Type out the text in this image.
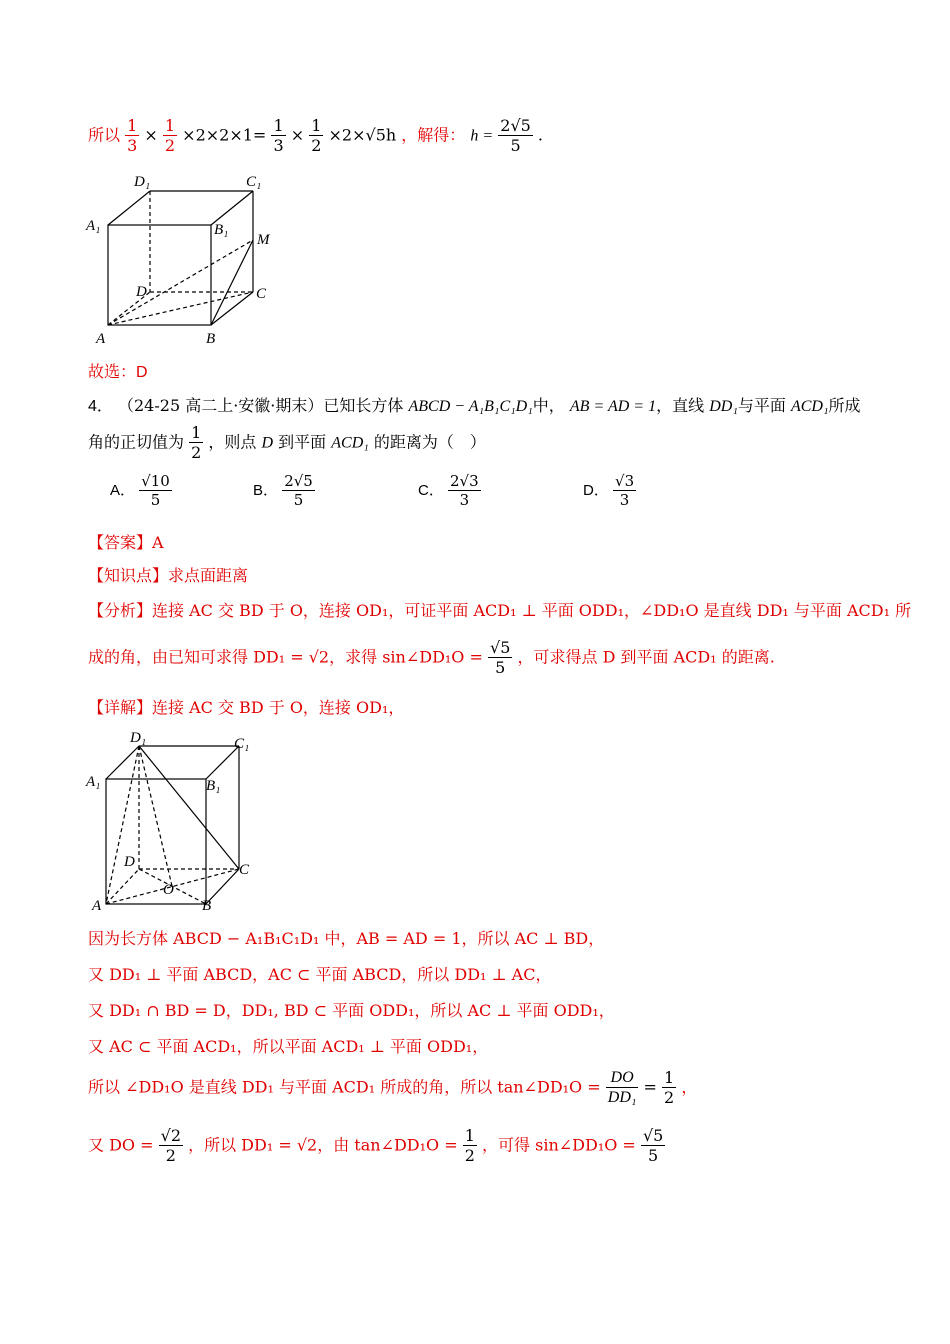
所以 $\frac{1}{3} \times \frac{1}{2} \times 2\times 2\times 1= \frac{1}{3} \times \frac{1}{2} \times 2\times√5h$ ，解得： $h = \frac{2√5}{5}$ .
D₁	C₁
A₁	B₁
M
D	C
A	B
故选：D
4． （24-25 高二上·安徽·期末）已知长方体 ABCD − A₁B₁C₁D₁中， AB = AD = 1，直线 DD₁与平面 ACD₁所成
角的正切值为 $\frac{1}{2}$ ，则点 D 到平面 ACD₁ 的距离为（　）
A． $\frac{√10}{5}$	B． $\frac{2√5}{5}$	C． $\frac{2√3}{3}$	D． $\frac{√3}{3}$
【答案】A
【知识点】求点面距离
【分析】连接 AC 交 BD 于 O，连接 OD₁，可证平面 ACD₁ ⊥ 平面 ODD₁，∠DD₁O 是直线 DD₁ 与平面 ACD₁ 所
成的角，由已知可求得 DD₁ = √2，求得 sin∠DD₁O = $\frac{√5}{5}$ ，可求得点 D 到平面 ACD₁ 的距离.
【详解】连接 AC 交 BD 于 O，连接 OD₁，
D₁	C₁
A₁	B₁
D	C
O
A	B
因为长方体 ABCD − A₁B₁C₁D₁ 中，AB = AD = 1，所以 AC ⊥ BD，
又 DD₁ ⊥ 平面 ABCD，AC ⊂ 平面 ABCD，所以 DD₁ ⊥ AC，
又 DD₁ ∩ BD = D，DD₁, BD ⊂ 平面 ODD₁，所以 AC ⊥ 平面 ODD₁，
又 AC ⊂ 平面 ACD₁，所以平面 ACD₁ ⊥ 平面 ODD₁，
所以 ∠DD₁O 是直线 DD₁ 与平面 ACD₁ 所成的角，所以 tan∠DD₁O = $\frac{DO}{\text{DD₁}} = \frac{1}{2}$ ，
又 DO = $\frac{√2}{2}$ ，所以 DD₁ = √2，由 tan∠DD₁O = $\frac{1}{2}$ ，可得 sin∠DD₁O = $\frac{√5}{5}$
